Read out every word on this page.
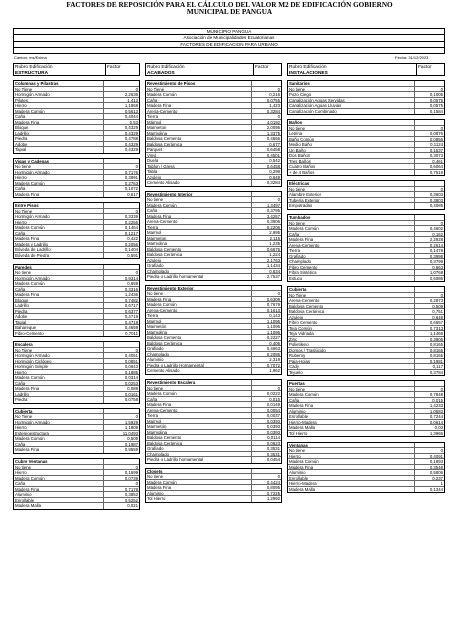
FACTORES DE REPOSICIÓN PARA EL CÁLCULO DEL VALOR M2 DE EDIFICACIÓN GOBIERNO
MUNICIPAL DE PANGUA
MUNICIPIO PANGUA
Asociación de Municipalidades Ecuatorianas
FACTORES DE EDIFICACION PARA URBANO
Canton: ms/Exima	Fecha: 31/12/2023
Rubro Edificación
ESTRUCTURA
Factor
Columnas y Pilastras
No Tiene	0
Hormigón Armado	2,2636
Pilotes	1,413
Hierro	1,1868
Madera Común	0,5613
Caña	0,4044
Madera Fina	0,53
Bloque	0,4329
Ladrillo	0,4329
Piedra	0,4788
Adobe	0,4329
Tapial	0,4329
Vigas y Cadenas
No tiene	0
Hormigón Armado	0,7176
Hierro	0,3991
Madera Común	0,2763
Caña	0,1072
Madera Fina	0,617
Entre Pisos
No Tiene	0
Hormigón Armado	0,3339
Hierro	0,2256
Madera Común	0,1464
Caña	0,1217
Madera Fina	0,422
Madera y Ladrillo	0,2056
Bóveda de Ladrillo	0,1404
Bóveda de Piedra	0,591
Paredes
No tiene	0
Hormigón Armado	0,9314
Madera Común	0,659
Caña	0,3316
Madera Fina	1,2436
Bloque	0,7482
Ladrillo	0,6717
Piedra	0,6377
Adobe	0,4719
Tapial	0,4719
Bahareque	0,4659
Fibro-Cemento	0,7011
Escalera
No Tiene	0
Hormigón Armado	0,4051
Hormigón Ciclópeo	0,0851
Hormigón Simple	0,0643
Hierro	0,1885
Madera Común	0,0314
Caña	0,0253
Madera Fina	0,089
Ladrillo	0,0161
Piedra	0,0758
Cubierta
No Tiene	0
Hormigón Armado	1,5929
Hierro	1,1809
Estereoestructura	11,0493
Madera Común	0,509
Caña	0,1987
Madera Fina	0,9559
Cubre Ventanas
No tiene	0
Hierro	0,1699
Madera Común	0,0739
Caña	0
Madera Fina	0,7178
Aluminio	0,3852
Enrollable	0,5252
Madera Malla	0,021
Rubro Edificación
ACABADOS
Factor
Revestimiento de Pisos
No Tiene	0
Madera Común	0,215
Caña	0,0755
Madera Fina	1,423
Arena-Cemento	0,3284
Tierra	0
Mármol	4,0192
Marmeton	2,0095
Marmolina	1,3375
Baldosa Cemento	0,4566
Baldosa Cerámica	0,677
Parquet	0,6458
Vinyl	0,4501
Duela	0,542
Tablon / Gress	0,6458
Tabla	0,298
Azulejo	0,649
Cemento Alisado	0,3284
Revestimiento Interior
No tiene	0
Madera Común	1,3497
Caña	0,3795
Madera Fina	3,4257
Arena-Cemento	0,3906
Tierra	0,2206
Marmol	2,995
Marmeton	2,115
Marmolina	1,235
Baldosa Cemento	0,6675
Baldosa Cerámica	1,224
Azulejo	2,1763
Grafiado	1,1434
Champlado	0,634
Piedra o Ladrillo hornamental	2,7537
Revestimiento Exterior
No tiene	0
Madera Fina	0,6309
Madera Común	0,7679
Arena-Cemento	0,1613
Tierra	0,143
Marmol	1,1095
Marmetón	1,1095
Marmolina	1,1095
Baldosa Cemento	0,2227
Baldosa Cerámica	0,406
Grafiado	0,4663
Champlado	0,2086
Aluminio	2,319
Piedra o Ladrillo Hornamental	0,7072
Cemento Alisado	1,962
Revestimiento Escalera
No tiene	0
Madera Común	0,0222
Caña	0,015
Madera Fina	0,0149
Arena-Cemento	0,0054
Tierra	0,0037
Marmol	0,0393
Marmetón	0,0393
Marmolina	0,0393
Baldosa Cemento	0,0114
Baldosa Cerámica	0,0623
Grafiado	0,3531
Champlado	0,3531
Piedra o Ladrillo hornamental	0,0454
Closets
No tiene	0
Madera Común	0,4424
Madera Fina	0,8095
Aluminio	0,7225
Tol Hierro	1,2992
Rubro Edificación
INSTALACIONES
Factor
Sanitarios
No tiene	0
Pozo Ciego	0,1005
Canalización Aguas Servidas	0,0575
Canalización Aguas Lluvias	0,0575
Canalización Combinado	0,1584
Baños
No tiene	0
Letrina	0,0876
Baño Común	0,0956
Medio Baño	0,1124
Un Baño	0,1537
Dos Baños	0,3073
Tres Baños	0,461
Cuatro Baños	0,6064
+ de 4 Baños	0,7519
Eléctricas
No tiene	0
Alambre Exterior	0,3603
Tubería Exterior	0,3803
Empotradas	0,4085
Tumbados
No tiene	0
Madera Común	0,4602
Caña	0,162
Madera Fina	2,2928
Arena-Cemento	0,2614
Tierra	0,1478
Grafiado	0,3998
Champlado	0,3799
Fibro Cemento	0,663
Fibra Sintética	1,0768
Estuco	0,6086
Cubierta
No Tiene	0
Arena-Cemento	0,2873
Baldosa Cemento	0,509
Baldosa Cerámica	0,751
Azulejo	0,649
Fibro Cemento	0,6657
Teja Común	0,7313
Teja Vidriada	1,1466
Zinc	0,3906
Polietileno	0,8165
Domos / Traslúcido	0,8165
Ruberoy	0,8165
Paja-Hojas	0,1981
Cady	0,117
Tejuelo	0,3784
Puertas
No tiene	0
Madera Común	0,7848
Caña	0,015
Madera Fina	1,4233
Aluminio	1,0583
Enrollable	0,7244
Hierro-Madera	0,0614
Madera Malla	0,03
Tol Hierro	1,3966
Ventanas
No tiene	0
Hierro	0,4091
Madera Común	0,1893
Madera Fina	0,3548
Aluminio	0,5806
Enrollable	0,237
Hierro-Madera	1
Madera Malla	0,1344
